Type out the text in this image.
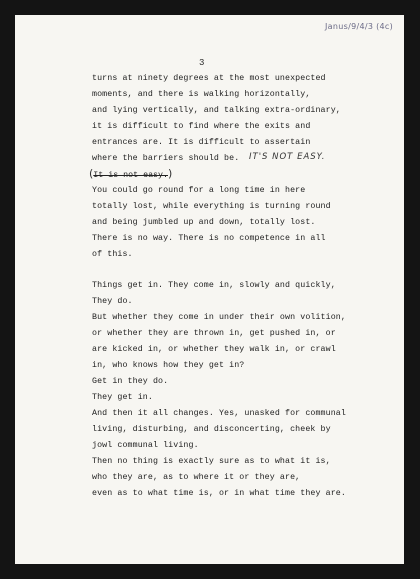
Janus/9/4/3 (4c)
3
turns at ninety degrees at the most unexpected
moments, and there is walking horizontally,
and lying vertically, and talking extra-ordinary,
it is difficult to find where the exits and
entrances are. It is difficult to assertain
where the barriers should be.	IT'S NOT EASY.
(It is not easy.)
You could go round for a long time in here
totally lost, while everything is turning round
and being jumbled up and down, totally lost.
There is no way. There is no competence in all
of this.
Things get in. They come in, slowly and quickly,
They do.
But whether they come in under their own volition,
or whether they are thrown in, get pushed in, or
are kicked in, or whether they walk in, or crawl
in, who knows how they get in?
Get in they do.
They get in.
And then it all changes. Yes, unasked for communal
living, disturbing, and disconcerting, cheek by
jowl communal living.
Then no thing is exactly sure as to what it is,
who they are, as to where it or they are,
even as to what time is, or in what time they are.
